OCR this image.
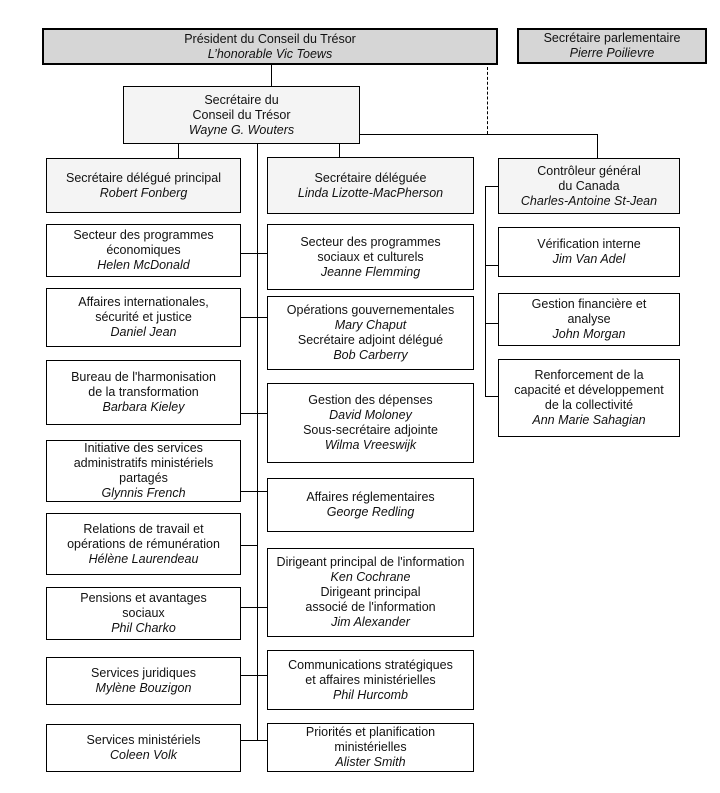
Président du Conseil du Trésor
L’honorable Vic Toews
Secrétaire parlementaire
Pierre Poilievre
Secrétaire du
Conseil du Trésor
Wayne G. Wouters
Secrétaire délégué principal
Robert Fonberg
Secrétaire déléguée
Linda Lizotte-MacPherson
Contrôleur général
du Canada
Charles-Antoine St-Jean
Secteur des programmes
économiques
Helen McDonald
Secteur des programmes
sociaux et culturels
Jeanne Flemming
Vérification interne
Jim Van Adel
Affaires internationales,
sécurité et justice
Daniel Jean
Opérations gouvernementales
Mary Chaput
Secrétaire adjoint délégué
Bob Carberry
Gestion financière et
analyse
John Morgan
Bureau de l'harmonisation
de la transformation
Barbara Kieley	Gestion des dépenses
David Moloney
Sous-secrétaire adjointe
Wilma Vreeswijk
Renforcement de la
capacité et développement
de la collectivité
Ann Marie Sahagian
Initiative des services
administratifs ministériels
partagés
Glynnis French	Affaires réglementaires
George Redling
Relations de travail et
opérations de rémunération
Hélène Laurendeau	Dirigeant principal de l'information
Ken Cochrane
Dirigeant principal
associé de l'information
Jim Alexander
Pensions et avantages
sociaux
Phil Charko
Communications stratégiques
et affaires ministérielles
Phil Hurcomb
Services juridiques
Mylène Bouzigon
Services ministériels
Coleen Volk
Priorités et planification
ministérielles
Alister Smith
